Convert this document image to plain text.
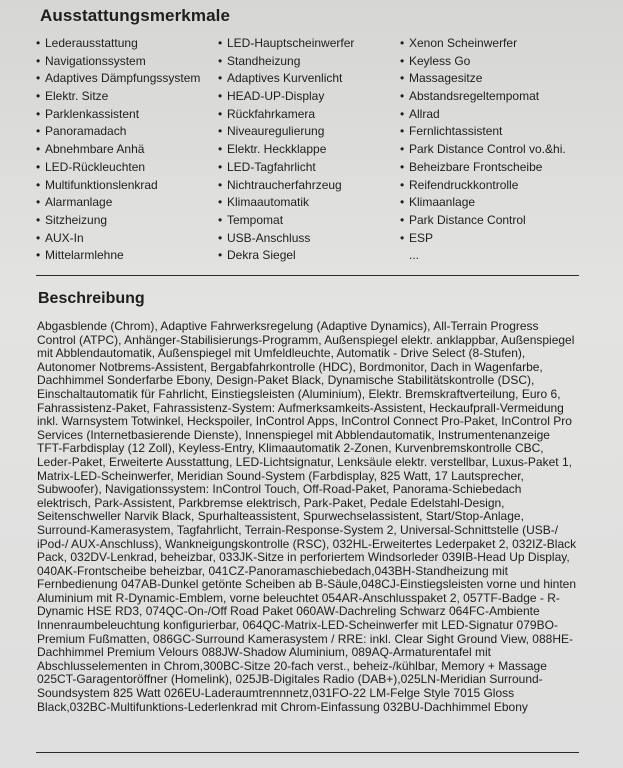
Ausstattungsmerkmale
• Lederausstattung
• Navigationssystem
• Adaptives Dämpfungssystem
• Elektr. Sitze
• Parklenkassistent
• Panoramadach
• Abnehmbare Anhä
• LED-Rückleuchten
• Multifunktionslenkrad
• Alarmanlage
• Sitzheizung
• AUX-In
• Mittelarmlehne
• LED-Hauptscheinwerfer
• Standheizung
• Adaptives Kurvenlicht
• HEAD-UP-Display
• Rückfahrkamera
• Niveauregulierung
• Elektr. Heckklappe
• LED-Tagfahrlicht
• Nichtraucherfahrzeug
• Klimaautomatik
• Tempomat
• USB-Anschluss
• Dekra Siegel
• Xenon Scheinwerfer
• Keyless Go
• Massagesitze
• Abstandsregeltempomat
• Allrad
• Fernlichtassistent
• Park Distance Control vo.&hi.
• Beheizbare Frontscheibe
• Reifendruckkontrolle
• Klimaanlage
• Park Distance Control
• ESP
...
Beschreibung

Abgasblende (Chrom), Adaptive Fahrwerksregelung (Adaptive Dynamics), All-Terrain Progress Control (ATPC), Anhänger-Stabilisierungs-Programm, Außenspiegel elektr. anklappbar, Außenspiegel mit Abblendautomatik, Außenspiegel mit Umfeldleuchte, Automatik - Drive Select (8-Stufen), Autonomer Notbrems-Assistent, Bergabfahrkontrolle (HDC), Bordmonitor, Dach in Wagenfarbe, Dachhimmel Sonderfarbe Ebony, Design-Paket Black, Dynamische Stabilitätskontrolle (DSC), Einschaltautomatik für Fahrlicht, Einstiegsleisten (Aluminium), Elektr. Bremskraftverteilung, Euro 6, Fahrassistenz-Paket, Fahrassistenz-System: Aufmerksamkeits-Assistent, Heckaufprall-Vermeidung inkl. Warnsystem Totwinkel, Heckspoiler, InControl Apps, InControl Connect Pro-Paket, InControl Pro Services (Internetbasierende Dienste), Innenspiegel mit Abblendautomatik, Instrumentenanzeige TFT-Farbdisplay (12 Zoll), Keyless-Entry, Klimaautomatik 2-Zonen, Kurvenbremskontrolle CBC, Leder-Paket, Erweiterte Ausstattung, LED-Lichtsignatur, Lenksäule elektr. verstellbar, Luxus-Paket 1, Matrix-LED-Scheinwerfer, Meridian Sound-System (Farbdisplay, 825 Watt, 17 Lautsprecher, Subwoofer), Navigationssystem: InControl Touch, Off-Road-Paket, Panorama-Schiebedach elektrisch, Park-Assistent, Parkbremse elektrisch, Park-Paket, Pedale Edelstahl-Design, Seitenschweller Narvik Black, Spurhalteassistent, Spurwechselassistent, Start/Stop-Anlage, Surround-Kamerasystem, Tagfahrlicht, Terrain-Response-System 2, Universal-Schnittstelle (USB-/ iPod-/ AUX-Anschluss), Wankneigungskontrolle (RSC), 032HL-Erweitertes Lederpaket 2, 032IZ-Black Pack, 032DV-Lenkrad, beheizbar, 033JK-Sitze in perforiertem Windsorleder 039IB-Head Up Display, 040AK-Frontscheibe beheizbar, 041CZ-Panoramaschiebedach,043BH-Standheizung mit Fernbedienung 047AB-Dunkel getönte Scheiben ab B-Säule,048CJ-Einstiegsleisten vorne und hinten Aluminium mit R-Dynamic-Emblem, vorne beleuchtet 054AR-Anschlusspaket 2, 057TF-Badge - R-Dynamic HSE RD3, 074QC-On-/Off Road Paket 060AW-Dachreling Schwarz 064FC-Ambiente Innenraumbeleuchtung konfigurierbar, 064QC-Matrix-LED-Scheinwerfer mit LED-Signatur 079BO-Premium Fußmatten, 086GC-Surround Kamerasystem / RRE: inkl. Clear Sight Ground View, 088HE-Dachhimmel Premium Velours 088JW-Shadow Aluminium, 089AQ-Armaturentafel mit Abschlusselementen in Chrom,300BC-Sitze 20-fach verst., beheiz-/kühlbar, Memory + Massage 025CT-Garagentoröffner (Homelink), 025JB-Digitales Radio (DAB+),025LN-Meridian Surround-Soundsystem 825 Watt 026EU-Laderaumtrennnetz,031FO-22 LM-Felge Style 7015 Gloss Black,032BC-Multifunktions-Lederlenkrad mit Chrom-Einfassung 032BU-Dachhimmel Ebony
